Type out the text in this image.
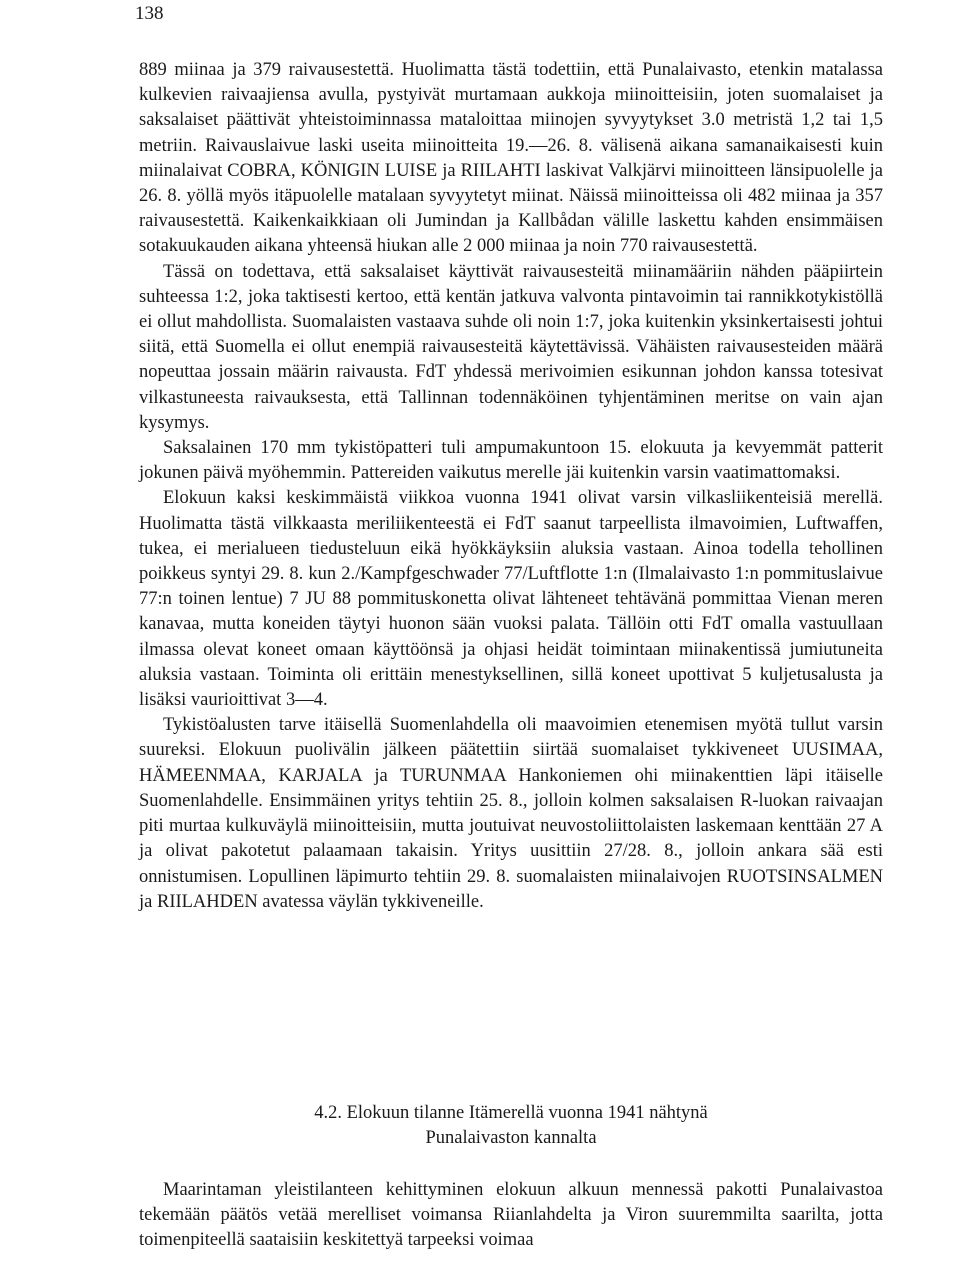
138

889 miinaa ja 379 raivausestettä. Huolimatta tästä todettiin, että Punalaivasto, etenkin matalassa kulkevien raivaajiensa avulla, pystyivät murtamaan aukkoja miinoitteisiin, joten suomalaiset ja saksalaiset päättivät yhteistoiminnassa mataloittaa miinojen syvyytykset 3.0 metristä 1,2 tai 1,5 metriin. Raivauslaivue laski useita miinoitteita 19.—26. 8. välisenä aikana samanaikaisesti kuin miinalaivat COBRA, KÖNIGIN LUISE ja RIILAHTI laskivat Valkjärvi miinoitteen länsipuolelle ja 26. 8. yöllä myös itäpuolelle matalaan syvyytetyt miinat. Näissä miinoitteissa oli 482 miinaa ja 357 raivausestettä. Kaikenkaikkiaan oli Jumindan ja Kallbådan välille laskettu kahden ensimmäisen sotakuukauden aikana yhteensä hiukan alle 2 000 miinaa ja noin 770 raivausestettä.

Tässä on todettava, että saksalaiset käyttivät raivausesteitä miinamääriin nähden pääpiirtein suhteessa 1:2, joka taktisesti kertoo, että kentän jatkuva valvonta pintavoimin tai rannikkotykistöllä ei ollut mahdollista. Suomalaisten vastaava suhde oli noin 1:7, joka kuitenkin yksinkertaisesti johtui siitä, että Suomella ei ollut enempiä raivausesteitä käytettävissä. Vähäisten raivausesteiden määrä nopeuttaa jossain määrin raivausta. FdT yhdessä merivoimien esikunnan johdon kanssa totesivat vilkastuneesta raivauksesta, että Tallinnan todennäköinen tyhjentäminen meritse on vain ajan kysymys.

Saksalainen 170 mm tykistöpatteri tuli ampumakuntoon 15. elokuuta ja kevyemmät patterit jokunen päivä myöhemmin. Pattereiden vaikutus merelle jäi kuitenkin varsin vaatimattomaksi.

Elokuun kaksi keskimmäistä viikkoa vuonna 1941 olivat varsin vilkasliikenteisiä merellä. Huolimatta tästä vilkkaasta meriliikenteestä ei FdT saanut tarpeellista ilmavoimien, Luftwaffen, tukea, ei merialueen tiedusteluun eikä hyökkäyksiin aluksia vastaan. Ainoa todella tehollinen poikkeus syntyi 29. 8. kun 2./Kampfgeschwader 77/Luftflotte 1:n (Ilmalaivasto 1:n pommituslaivue 77:n toinen lentue) 7 JU 88 pommituskonetta olivat lähteneet tehtävänä pommittaa Vienan meren kanavaa, mutta koneiden täytyi huonon sään vuoksi palata. Tällöin otti FdT omalla vastuullaan ilmassa olevat koneet omaan käyttöönsä ja ohjasi heidät toimintaan miinakentissä jumiutuneita aluksia vastaan. Toiminta oli erittäin menestyksellinen, sillä koneet upottivat 5 kuljetusalusta ja lisäksi vaurioittivat 3—4.

Tykistöalusten tarve itäisellä Suomenlahdella oli maavoimien etenemisen myötä tullut varsin suureksi. Elokuun puolivälin jälkeen päätettiin siirtää suomalaiset tykkiveneet UUSIMAA, HÄMEENMAA, KARJALA ja TURUNMAA Hankoniemen ohi miinakenttien läpi itäiselle Suomenlahdelle. Ensimmäinen yritys tehtiin 25. 8., jolloin kolmen saksalaisen R-luokan raivaajan piti murtaa kulkuväylä miinoitteisiin, mutta joutuivat neuvostoliittolaisten laskemaan kenttään 27 A ja olivat pakotetut palaamaan takaisin. Yritys uusittiin 27/28. 8., jolloin ankara sää esti onnistumisen. Lopullinen läpimurto tehtiin 29. 8. suomalaisten miinalaivojen RUOTSINSALMEN ja RIILAHDEN avatessa väylän tykkiveneille.

4.2. Elokuun tilanne Itämerellä vuonna 1941 nähtynä
Punalaivaston kannalta

Maarintaman yleistilanteen kehittyminen elokuun alkuun mennessä pakotti Punalaivastoa tekemään päätös vetää merelliset voimansa Riianlahdelta ja Viron suuremmilta saarilta, jotta toimenpiteellä saataisiin keskitettyä tarpeeksi voimaa
